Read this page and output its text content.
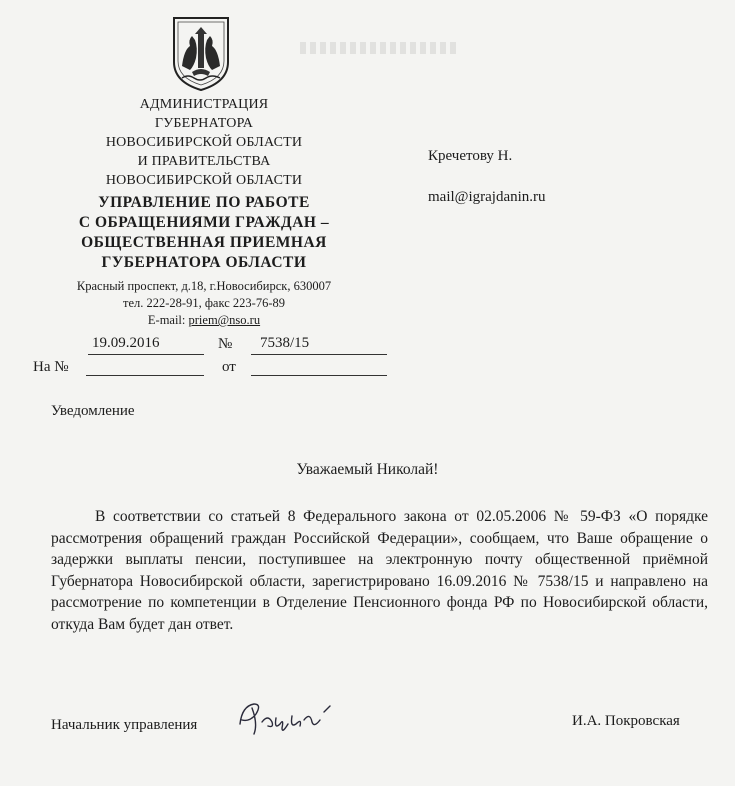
АДМИНИСТРАЦИЯ
ГУБЕРНАТОРА
НОВОСИБИРСКОЙ ОБЛАСТИ
И ПРАВИТЕЛЬСТВА
НОВОСИБИРСКОЙ ОБЛАСТИ
УПРАВЛЕНИЕ ПО РАБОТЕ
С ОБРАЩЕНИЯМИ ГРАЖДАН –
ОБЩЕСТВЕННАЯ ПРИЕМНАЯ
ГУБЕРНАТОРА ОБЛАСТИ
Красный проспект, д.18, г.Новосибирск, 630007
тел. 222-28-91, факс 223-76-89
E-mail: priem@nso.ru
Кречетову Н.
mail@igrajdanin.ru
19.09.2016	№ 7538/15
На №	от
Уведомление
Уважаемый Николай!
В соответствии со статьей 8 Федерального закона от 02.05.2006 № 59-ФЗ «О порядке рассмотрения обращений граждан Российской Федерации», сообщаем, что Ваше обращение о задержки выплаты пенсии, поступившее на электронную почту общественной приёмной Губернатора Новосибирской области, зарегистрировано 16.09.2016 № 7538/15 и направлено на рассмотрение по компетенции в Отделение Пенсионного фонда РФ по Новосибирской области, откуда Вам будет дан ответ.
Начальник управления	И.А. Покровская
